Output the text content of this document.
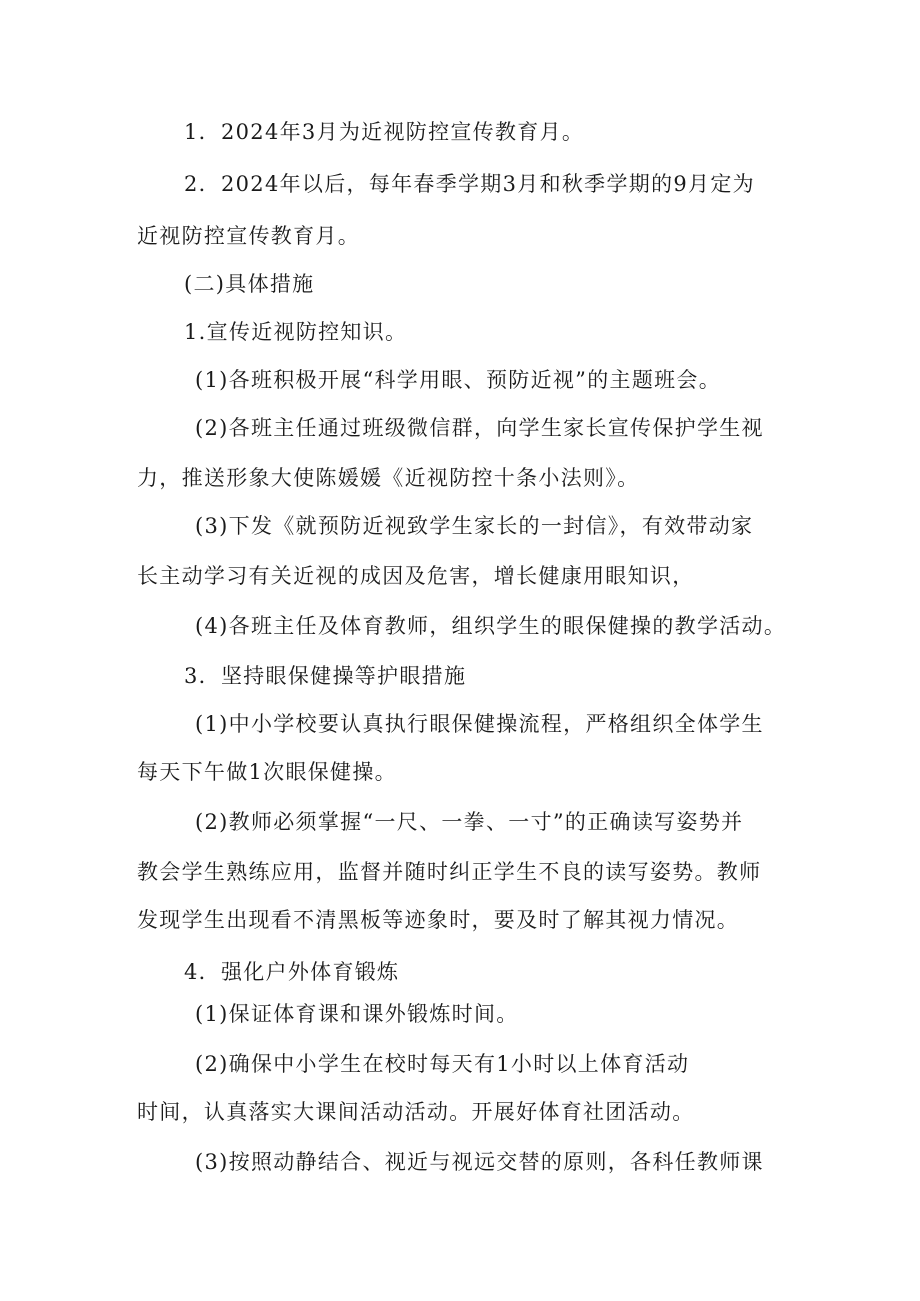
1．2024年3月为近视防控宣传教育月。
2．2024年以后，每年春季学期3月和秋季学期的9月定为
近视防控宣传教育月。
(二)具体措施
1.宣传近视防控知识。
(1)各班积极开展“科学用眼、预防近视”的主题班会。
(2)各班主任通过班级微信群，向学生家长宣传保护学生视
力，推送形象大使陈媛媛《近视防控十条小法则》。
(3)下发《就预防近视致学生家长的一封信》，有效带动家
长主动学习有关近视的成因及危害，增长健康用眼知识，
(4)各班主任及体育教师，组织学生的眼保健操的教学活动。
3．坚持眼保健操等护眼措施
(1)中小学校要认真执行眼保健操流程，严格组织全体学生
每天下午做1次眼保健操。
(2)教师必须掌握“一尺、一拳、一寸”的正确读写姿势并
教会学生熟练应用，监督并随时纠正学生不良的读写姿势。教师
发现学生出现看不清黑板等迹象时，要及时了解其视力情况。
4．强化户外体育锻炼
(1)保证体育课和课外锻炼时间。
(2)确保中小学生在校时每天有1小时以上体育活动
时间，认真落实大课间活动活动。开展好体育社团活动。
(3)按照动静结合、视近与视远交替的原则，各科任教师课
